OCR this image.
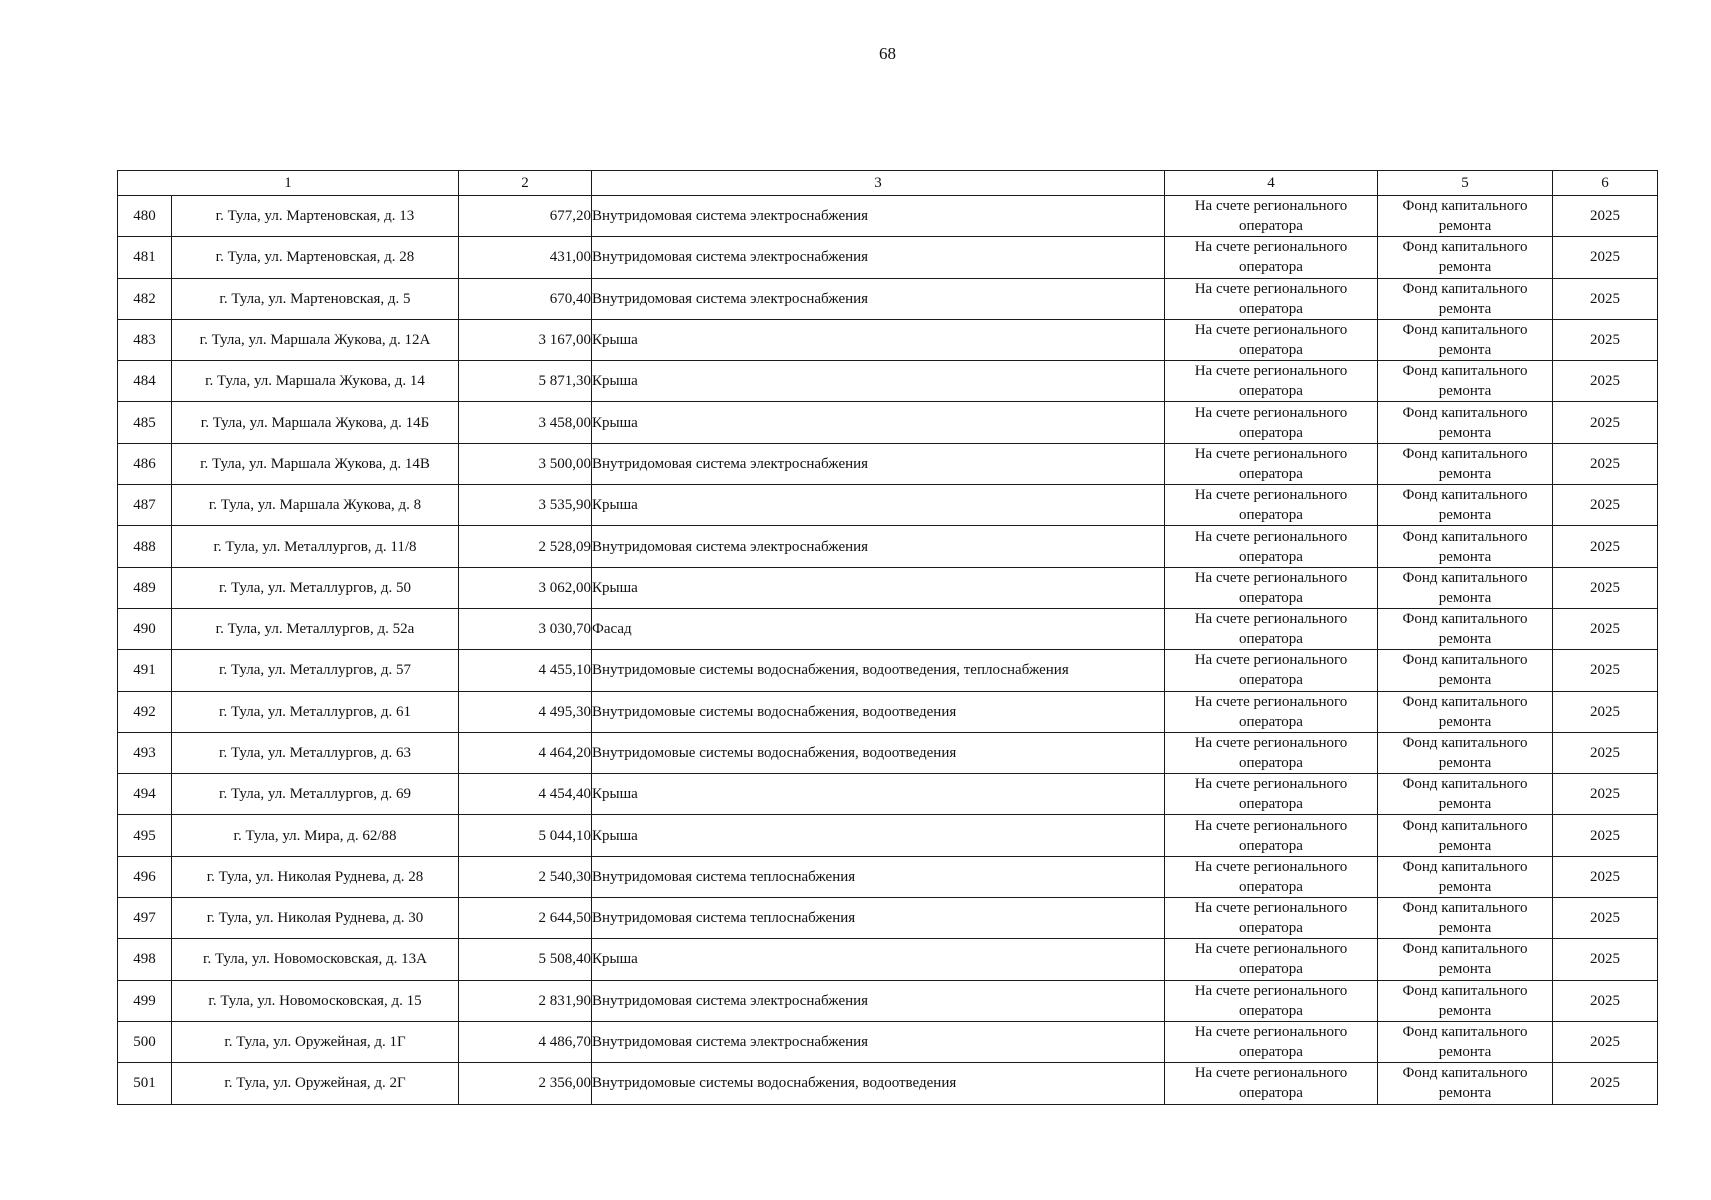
68
1		2	3	4	5	6
480	г. Тула, ул. Мартеновская, д. 13	677,20	Внутридомовая система электроснабжения	На счете регионального
оператора	Фонд капитального
ремонта	2025
481	г. Тула, ул. Мартеновская, д. 28	431,00	Внутридомовая система электроснабжения	На счете регионального
оператора	Фонд капитального
ремонта	2025
482	г. Тула, ул. Мартеновская, д. 5	670,40	Внутридомовая система электроснабжения	На счете регионального
оператора	Фонд капитального
ремонта	2025
483	г. Тула, ул. Маршала Жукова, д. 12А	3 167,00	Крыша	На счете регионального
оператора	Фонд капитального
ремонта	2025
484	г. Тула, ул. Маршала Жукова, д. 14	5 871,30	Крыша	На счете регионального
оператора	Фонд капитального
ремонта	2025
485	г. Тула, ул. Маршала Жукова, д. 14Б	3 458,00	Крыша	На счете регионального
оператора	Фонд капитального
ремонта	2025
486	г. Тула, ул. Маршала Жукова, д. 14В	3 500,00	Внутридомовая система электроснабжения	На счете регионального
оператора	Фонд капитального
ремонта	2025
487	г. Тула, ул. Маршала Жукова, д. 8	3 535,90	Крыша	На счете регионального
оператора	Фонд капитального
ремонта	2025
488	г. Тула, ул. Металлургов, д. 11/8	2 528,09	Внутридомовая система электроснабжения	На счете регионального
оператора	Фонд капитального
ремонта	2025
489	г. Тула, ул. Металлургов, д. 50	3 062,00	Крыша	На счете регионального
оператора	Фонд капитального
ремонта	2025
490	г. Тула, ул. Металлургов, д. 52а	3 030,70	Фасад	На счете регионального
оператора	Фонд капитального
ремонта	2025
491	г. Тула, ул. Металлургов, д. 57	4 455,10	Внутридомовые системы водоснабжения, водоотведения, теплоснабжения	На счете регионального
оператора	Фонд капитального
ремонта	2025
492	г. Тула, ул. Металлургов, д. 61	4 495,30	Внутридомовые системы водоснабжения, водоотведения	На счете регионального
оператора	Фонд капитального
ремонта	2025
493	г. Тула, ул. Металлургов, д. 63	4 464,20	Внутридомовые системы водоснабжения, водоотведения	На счете регионального
оператора	Фонд капитального
ремонта	2025
494	г. Тула, ул. Металлургов, д. 69	4 454,40	Крыша	На счете регионального
оператора	Фонд капитального
ремонта	2025
495	г. Тула, ул. Мира, д. 62/88	5 044,10	Крыша	На счете регионального
оператора	Фонд капитального
ремонта	2025
496	г. Тула, ул. Николая Руднева, д. 28	2 540,30	Внутридомовая система теплоснабжения	На счете регионального
оператора	Фонд капитального
ремонта	2025
497	г. Тула, ул. Николая Руднева, д. 30	2 644,50	Внутридомовая система теплоснабжения	На счете регионального
оператора	Фонд капитального
ремонта	2025
498	г. Тула, ул. Новомосковская, д. 13А	5 508,40	Крыша	На счете регионального
оператора	Фонд капитального
ремонта	2025
499	г. Тула, ул. Новомосковская, д. 15	2 831,90	Внутридомовая система электроснабжения	На счете регионального
оператора	Фонд капитального
ремонта	2025
500	г. Тула, ул. Оружейная, д. 1Г	4 486,70	Внутридомовая система электроснабжения	На счете регионального
оператора	Фонд капитального
ремонта	2025
501	г. Тула, ул. Оружейная, д. 2Г	2 356,00	Внутридомовые системы водоснабжения, водоотведения	На счете регионального
оператора	Фонд капитального
ремонта	2025
